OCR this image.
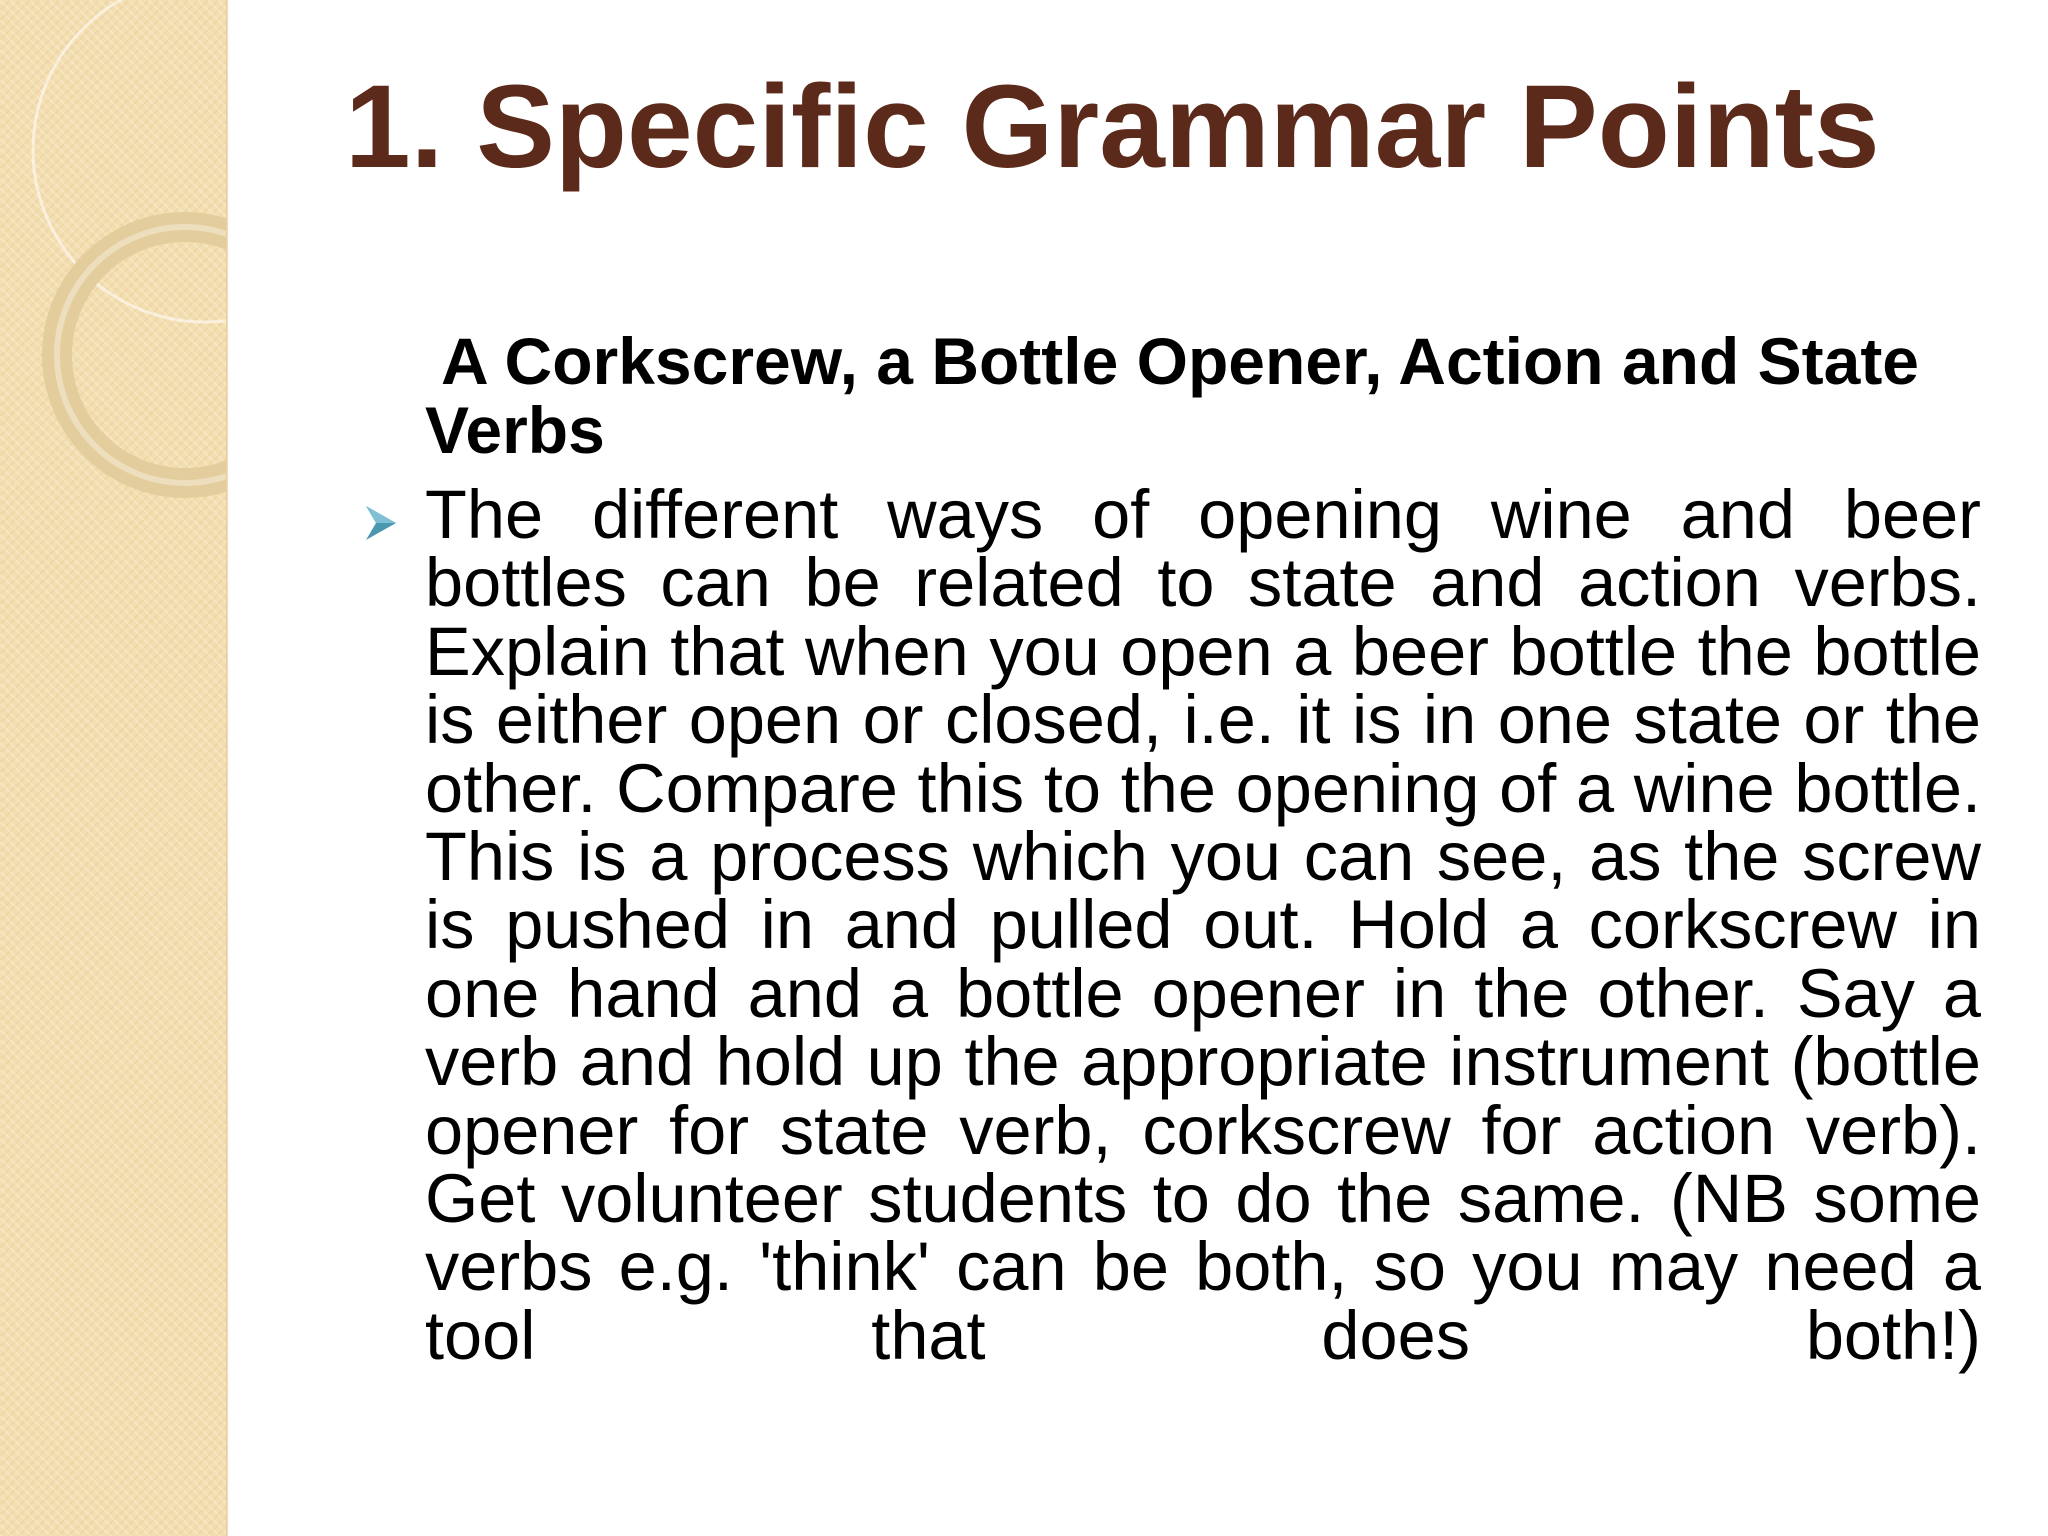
1. Specific Grammar Points

A Corkscrew, a Bottle Opener, Action and State Verbs

The different ways of opening wine and beer bottles can be related to state and action verbs. Explain that when you open a beer bottle the bottle is either open or closed, i.e. it is in one state or the other. Compare this to the opening of a wine bottle. This is a process which you can see, as the screw is pushed in and pulled out. Hold a corkscrew in one hand and a bottle opener in the other. Say a verb and hold up the appropriate instrument (bottle opener for state verb, corkscrew for action verb). Get volunteer students to do the same. (NB some verbs e.g. 'think' can be both, so you may need a tool that does both!)
